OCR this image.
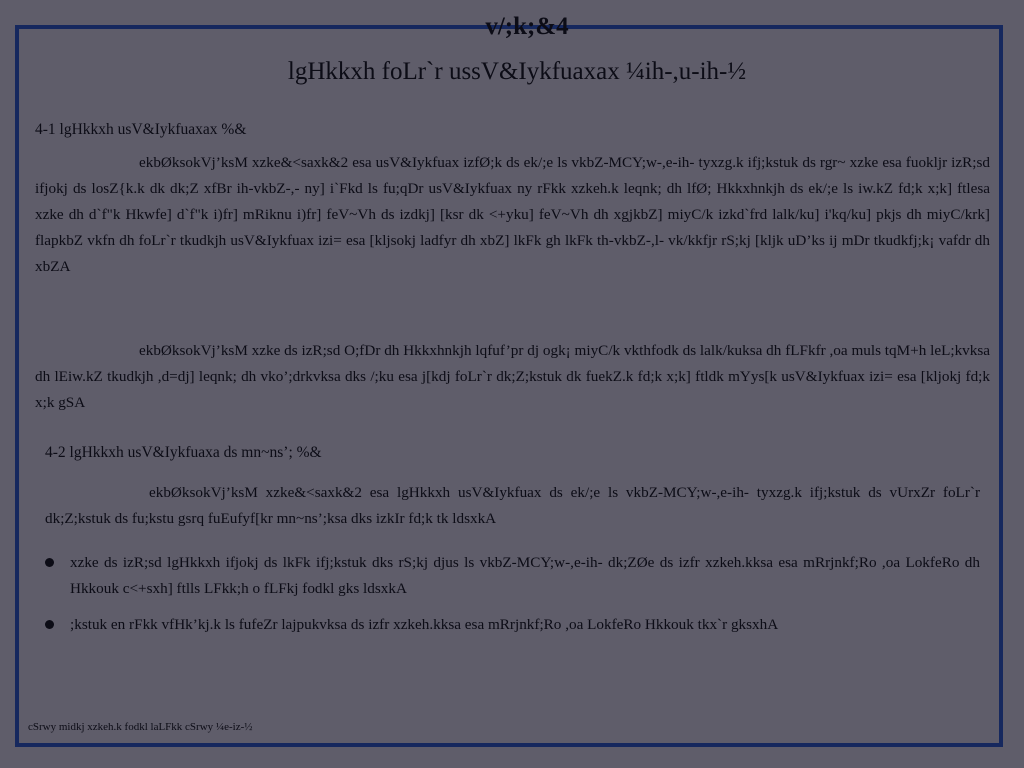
v/;k;&4
lgHkkxh foLr`r ussV&Iykfuaxax ¼ih-,u-ih-½
4-1 lgHkkxh usV&Iykfuaxax %&
ekbØksokVj’ksM xzke&<saxk&2 esa usV&Iykfuax izfØ;k ds ek/;e ls vkbZ-MCY;w-,e-ih- tyxzg.k ifj;kstuk ds rgr~ xzke esa fuokljr izR;sd ifjokj ds losZ{k.k dk dk;Z xfBr ih-vkbZ-,- ny] i`Fkd ls fu;qDr usV&Iykfuax ny rFkk xzkeh.k leqnk; dh lfØ; Hkkxhnkjh ds ek/;e ls iw.kZ fd;k x;k] ftlesa xzke dh d`f"k Hkwfe] d`f"k i)fr] mRiknu i)fr] feV~Vh ds izdkj] [ksr dk <+yku] feV~Vh dh xgjkbZ] miyC/k izkd`frd lalk/ku] i'kq/ku] pkjs dh miyC/krk] flapkbZ vkfn dh foLr`r tkudkjh usV&Iykfuax izi= esa [kljsokj ladfyr dh xbZ] lkFk gh lkFk th-vkbZ-,l- vk/kkfjr rS;kj [kljk uD’ks ij mDr tkudkfj;k¡ vafdr dh xbZA
ekbØksokVj’ksM xzke ds izR;sd O;fDr dh Hkkxhnkjh lqfuf’pr dj ogk¡ miyC/k vkthfodk ds lalk/kuksa dh fLFkfr ,oa muls tqM+h leL;kvksa dh lEiw.kZ tkudkjh ,d=dj] leqnk; dh vko’;drkvksa dks /;ku esa j[kdj foLr`r dk;Z;kstuk dk fuekZ.k fd;k x;k] ftldk mYys[k usV&Iykfuax izi= esa [kljokj fd;k x;k gSA
4-2 lgHkkxh usV&Iykfuaxa ds mn~ns’; %&
ekbØksokVj’ksM xzke&<saxk&2 esa lgHkkxh usV&Iykfuax ds ek/;e ls vkbZ-MCY;w-,e-ih- tyxzg.k ifj;kstuk ds vUrxZr foLr`r dk;Z;kstuk ds fu;kstu gsrq fuEufyf[kr mn~ns’;ksa dks izkIr fd;k tk ldsxkA
xzke ds izR;sd lgHkkxh ifjokj ds lkFk ifj;kstuk dks rS;kj djus ls vkbZ-MCY;w-,e-ih- dk;ZØe ds izfr xzkeh.kksa esa mRrjnkf;Ro ,oa LokfeRo dh Hkkouk c<+sxh] ftlls LFkk;h o fLFkj fodkl gks ldsxkA
;kstuk en rFkk vfHk’kj.k ls fufeZr lajpukvksa ds izfr xzkeh.kksa esa mRrjnkf;Ro ,oa LokfeRo Hkkouk tkx`r gksxhA
cSrwy midkj xzkeh.k fodkl laLFkk cSrwy ¼e-iz-½
